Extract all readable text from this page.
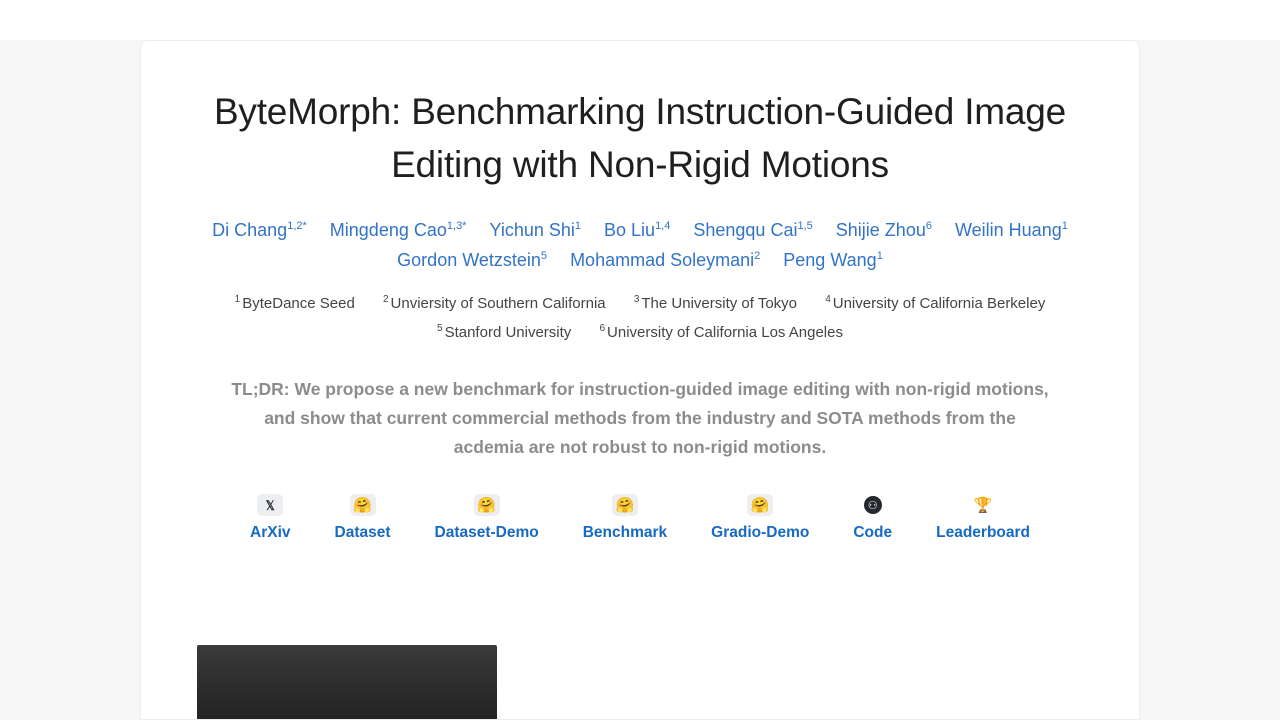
ByteMorph: Benchmarking Instruction-Guided Image Editing with Non-Rigid Motions
Di Chang$^{1,2*}$ Mingdeng Cao$^{1,3*}$ Yichun Shi$^1$ Bo Liu$^{1,4}$ Shengqu Cai$^{1,5}$ Shijie Zhou$^6$ Weilin Huang$^1$ Gordon Wetzstein$^5$ Mohammad Soleymani$^2$ Peng Wang$^1$
$^1$ ByteDance Seed	$^2$ Unviersity of Southern California	$^3$ The University of Tokyo	$^4$ University of California Berkeley $^5$ Stanford University	$^6$ University of California Los Angeles

TL;DR: We propose a new benchmark for instruction-guided image editing with non-rigid motions, and show that current commercial methods from the industry and SOTA methods from the acdemia are not robust to non-rigid motions.

𝕏
ArXiv
🤗
Dataset
🤗
Dataset-Demo
🤗
Benchmark
🤗
Gradio-Demo
⚇
Code
🏆
Leaderboard
